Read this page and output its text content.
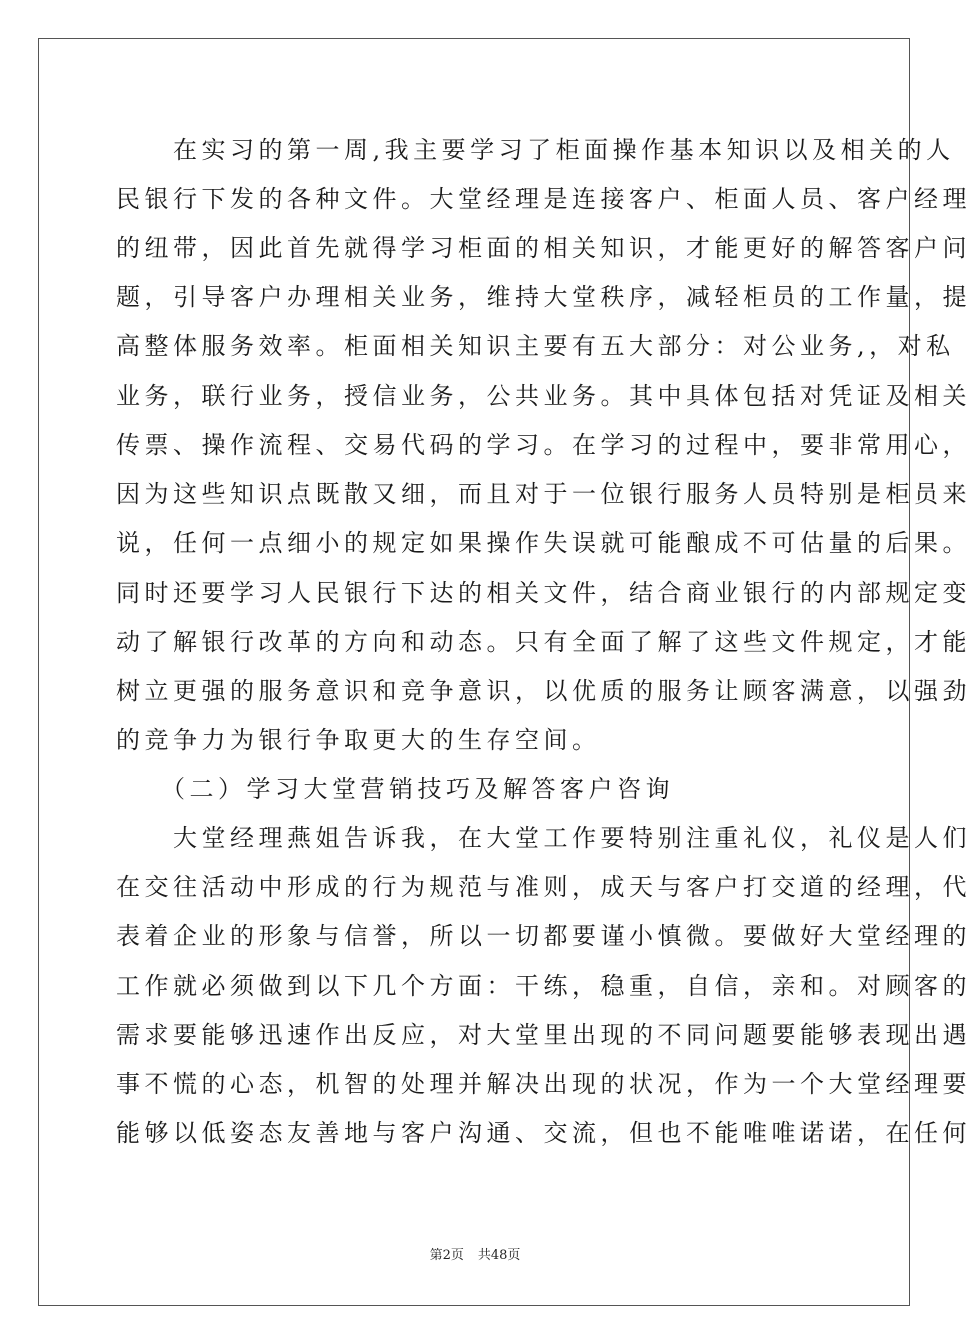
　　在实习的第一周,我主要学习了柜面操作基本知识以及相关的人
民银行下发的各种文件。大堂经理是连接客户、柜面人员、客户经理
的纽带，因此首先就得学习柜面的相关知识，才能更好的解答客户问
题，引导客户办理相关业务，维持大堂秩序，减轻柜员的工作量，提
高整体服务效率。柜面相关知识主要有五大部分：对公业务,，对私
业务，联行业务，授信业务，公共业务。其中具体包括对凭证及相关
传票、操作流程、交易代码的学习。在学习的过程中，要非常用心，
因为这些知识点既散又细，而且对于一位银行服务人员特别是柜员来
说，任何一点细小的规定如果操作失误就可能酿成不可估量的后果。
同时还要学习人民银行下达的相关文件，结合商业银行的内部规定变
动了解银行改革的方向和动态。只有全面了解了这些文件规定，才能
树立更强的服务意识和竞争意识，以优质的服务让顾客满意，以强劲
的竞争力为银行争取更大的生存空间。
　　（二）学习大堂营销技巧及解答客户咨询
　　大堂经理燕姐告诉我，在大堂工作要特别注重礼仪，礼仪是人们
在交往活动中形成的行为规范与准则，成天与客户打交道的经理，代
表着企业的形象与信誉，所以一切都要谨小慎微。要做好大堂经理的
工作就必须做到以下几个方面：干练，稳重，自信，亲和。对顾客的
需求要能够迅速作出反应，对大堂里出现的不同问题要能够表现出遇
事不慌的心态，机智的处理并解决出现的状况，作为一个大堂经理要
能够以低姿态友善地与客户沟通、交流，但也不能唯唯诺诺，在任何
第2页 共48页
